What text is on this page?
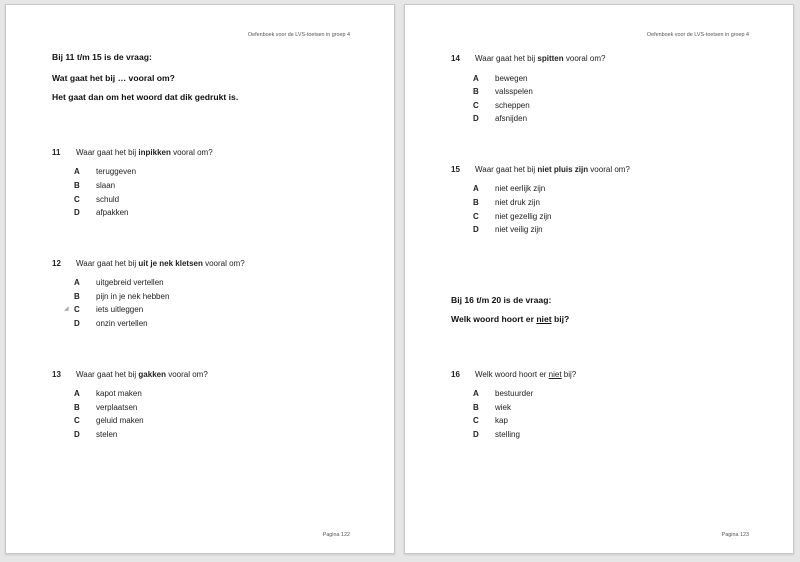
Oefenboek voor de LVS-toetsen in groep 4
Bij 11 t/m 15 is de vraag:
Wat gaat het bij … vooral om?
Het gaat dan om het woord dat dik gedrukt is.
11 Waar gaat het bij inpikken vooral om?
A teruggeven
B slaan
C schuld
D afpakken
12 Waar gaat het bij uit je nek kletsen vooral om?
A uitgebreid vertellen
B pijn in je nek hebben
◢ C iets uitleggen
D onzin vertellen
13 Waar gaat het bij gakken vooral om?
A kapot maken
B verplaatsen
C geluid maken
D stelen
Pagina 122
Oefenboek voor de LVS-toetsen in groep 4
14 Waar gaat het bij spitten vooral om?
A bewegen
B valsspelen
C scheppen
D afsnijden
15 Waar gaat het bij niet pluis zijn vooral om?
A niet eerlijk zijn
B niet druk zijn
C niet gezellig zijn
D niet veilig zijn
Bij 16 t/m 20 is de vraag:
Welk woord hoort er niet bij?
16 Welk woord hoort er niet bij?
A bestuurder
B wiek
C kap
D stelling
Pagina 123
